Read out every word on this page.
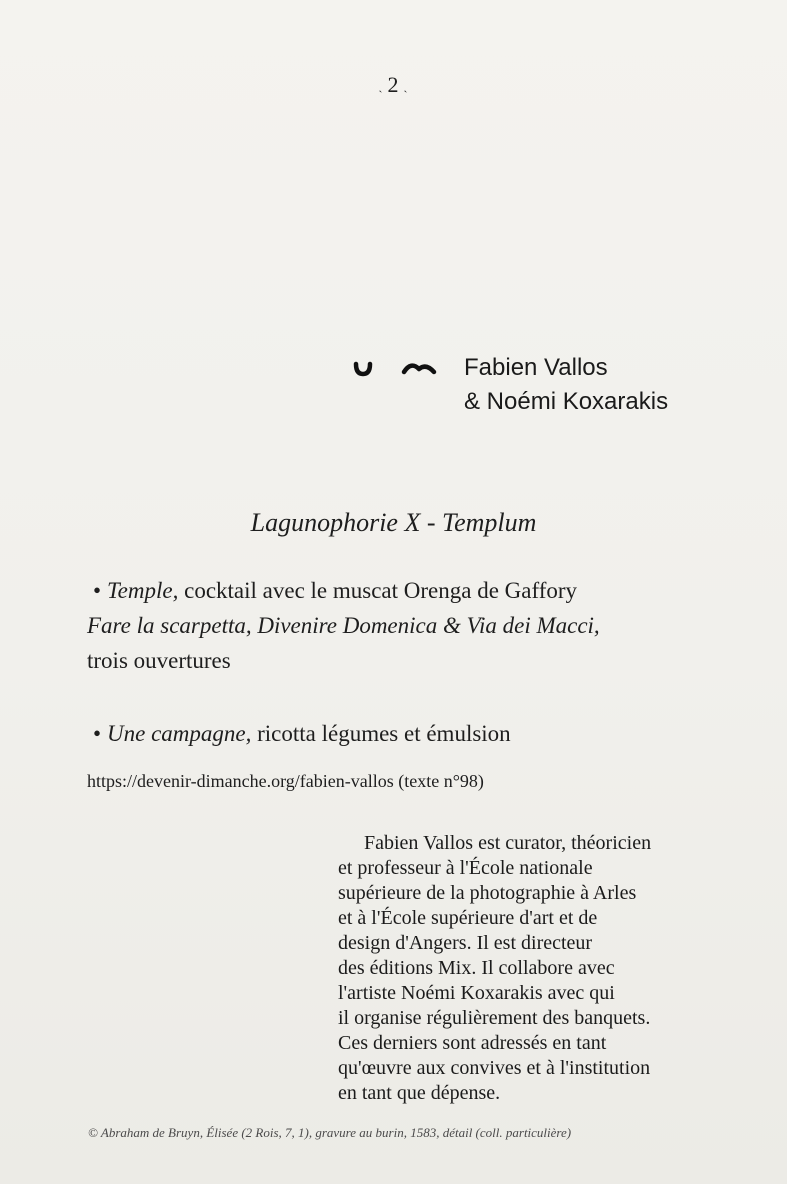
ˎ 2 ˏ
Fabien Vallos
& Noémi Koxarakis
Lagunophorie X - Templum
• Temple, cocktail avec le muscat Orenga de Gaffory
Fare la scarpetta, Divenire Domenica & Via dei Macci,
trois ouvertures
• Une campagne, ricotta légumes et émulsion
https://devenir-dimanche.org/fabien-vallos (texte n°98)
Fabien Vallos est curator, théoricien
et professeur à l'École nationale
supérieure de la photographie à Arles
et à l'École supérieure d'art et de
design d'Angers. Il est directeur
des éditions Mix. Il collabore avec
l'artiste Noémi Koxarakis avec qui
il organise régulièrement des banquets.
Ces derniers sont adressés en tant
qu'œuvre aux convives et à l'institution
en tant que dépense.
© Abraham de Bruyn, Élisée (2 Rois, 7, 1), gravure au burin, 1583, détail (coll. particulière)
